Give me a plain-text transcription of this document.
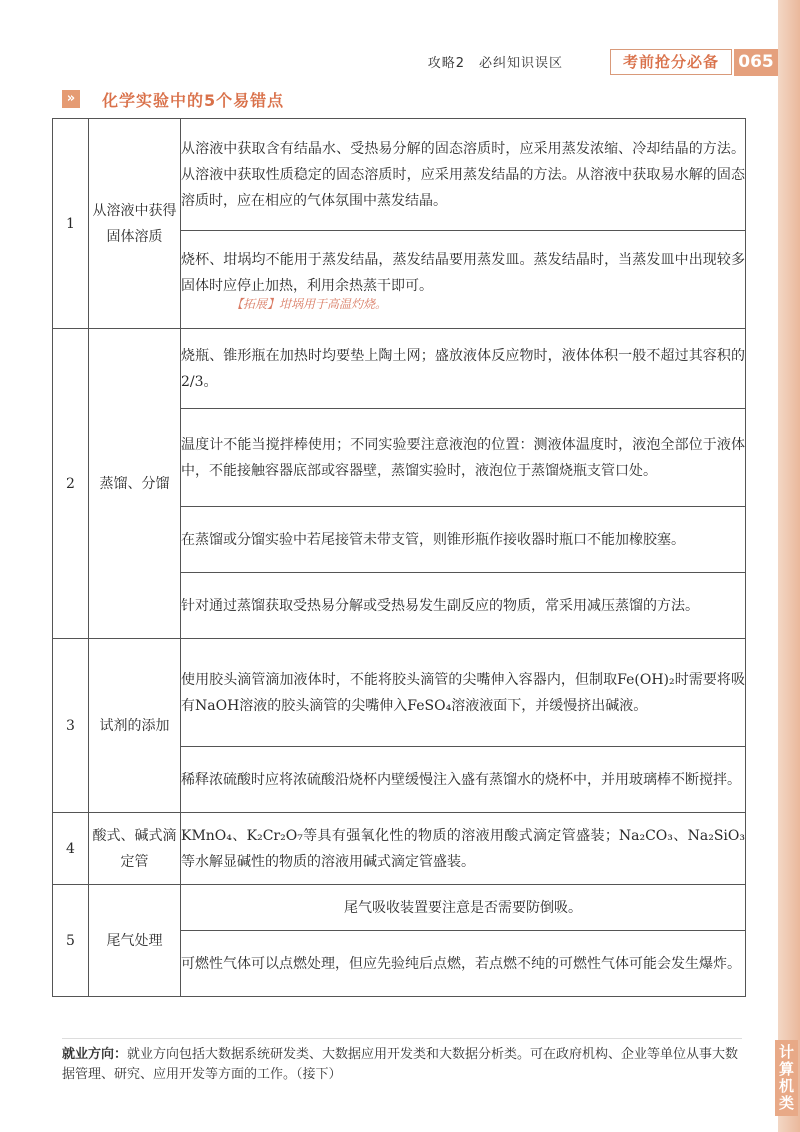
计算机类
攻略2　必纠知识误区	考前抢分必备	065
» 化学实验中的5个易错点
1	从溶液中获得固体溶质	从溶液中获取含有结晶水、受热易分解的固态溶质时，应采用蒸发浓缩、冷却结晶的方法。从溶液中获取性质稳定的固态溶质时，应采用蒸发结晶的方法。从溶液中获取易水解的固态溶质时，应在相应的气体氛围中蒸发结晶。
		烧杯、坩埚均不能用于蒸发结晶，蒸发结晶要用蒸发皿。蒸发结晶时，当蒸发皿中出现较多固体时应停止加热，利用余热蒸干即可。
【拓展】坩埚用于高温灼烧。

2	蒸馏、分馏	烧瓶、锥形瓶在加热时均要垫上陶土网；盛放液体反应物时，液体体积一般不超过其容积的2/3。
		温度计不能当搅拌棒使用；不同实验要注意液泡的位置：测液体温度时，液泡全部位于液体中，不能接触容器底部或容器壁，蒸馏实验时，液泡位于蒸馏烧瓶支管口处。
		在蒸馏或分馏实验中若尾接管未带支管，则锥形瓶作接收器时瓶口不能加橡胶塞。
		针对通过蒸馏获取受热易分解或受热易发生副反应的物质，常采用减压蒸馏的方法。
3	试剂的添加	使用胶头滴管滴加液体时，不能将胶头滴管的尖嘴伸入容器内，但制取Fe(OH)₂时需要将吸有NaOH溶液的胶头滴管的尖嘴伸入FeSO₄溶液液面下，并缓慢挤出碱液。
		稀释浓硫酸时应将浓硫酸沿烧杯内壁缓慢注入盛有蒸馏水的烧杯中，并用玻璃棒不断搅拌。
4	酸式、碱式滴定管	KMnO₄、K₂Cr₂O₇等具有强氧化性的物质的溶液用酸式滴定管盛装；Na₂CO₃、Na₂SiO₃等水解显碱性的物质的溶液用碱式滴定管盛装。
5	尾气处理	尾气吸收装置要注意是否需要防倒吸。
		可燃性气体可以点燃处理，但应先验纯后点燃，若点燃不纯的可燃性气体可能会发生爆炸。
就业方向：就业方向包括大数据系统研发类、大数据应用开发类和大数据分析类。可在政府机构、企业等单位从事大数据管理、研究、应用开发等方面的工作。（接下）
